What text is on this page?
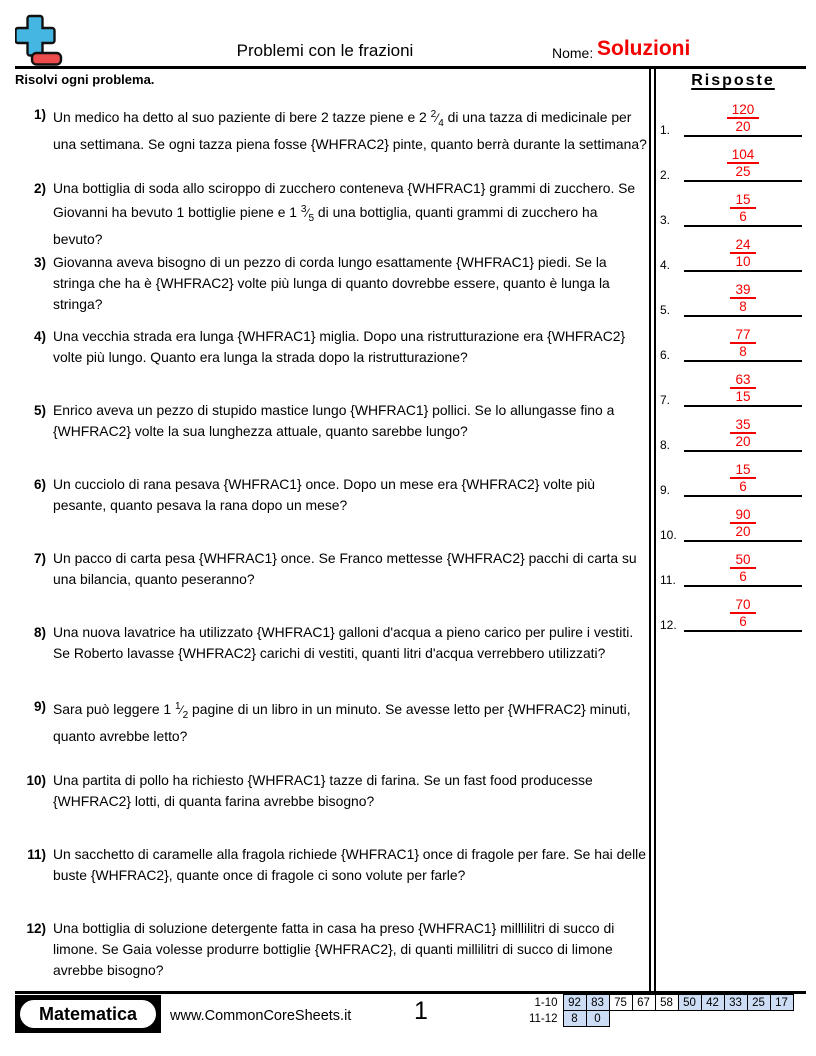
Problemi con le frazioni	Nome: Soluzioni
Risolvi ogni problema.
1) Un medico ha detto al suo paziente di bere 2 tazze piene e 2 $^2⁄_4$ di una tazza di medicinale per una settimana. Se ogni tazza piena fosse {WHFRAC2} pinte, quanto berrà durante la settimana?
2) Una bottiglia di soda allo sciroppo di zucchero conteneva {WHFRAC1} grammi di zucchero. Se Giovanni ha bevuto 1 bottiglie piene e 1 $^3⁄_5$ di una bottiglia, quanti grammi di zucchero ha bevuto?
3) Giovanna aveva bisogno di un pezzo di corda lungo esattamente {WHFRAC1} piedi. Se la stringa che ha è {WHFRAC2} volte più lunga di quanto dovrebbe essere, quanto è lunga la stringa?
4) Una vecchia strada era lunga {WHFRAC1} miglia. Dopo una ristrutturazione era {WHFRAC2} volte più lungo. Quanto era lunga la strada dopo la ristrutturazione?
5) Enrico aveva un pezzo di stupido mastice lungo {WHFRAC1} pollici. Se lo allungasse fino a {WHFRAC2} volte la sua lunghezza attuale, quanto sarebbe lungo?
6) Un cucciolo di rana pesava {WHFRAC1} once. Dopo un mese era {WHFRAC2} volte più pesante, quanto pesava la rana dopo un mese?
7) Un pacco di carta pesa {WHFRAC1} once. Se Franco mettesse {WHFRAC2} pacchi di carta su una bilancia, quanto peseranno?
8) Una nuova lavatrice ha utilizzato {WHFRAC1} galloni d'acqua a pieno carico per pulire i vestiti. Se Roberto lavasse {WHFRAC2} carichi di vestiti, quanti litri d'acqua verrebbero utilizzati?
9) Sara può leggere 1 $^1⁄_2$ pagine di un libro in un minuto. Se avesse letto per {WHFRAC2} minuti, quanto avrebbe letto?
10) Una partita di pollo ha richiesto {WHFRAC1} tazze di farina. Se un fast food producesse {WHFRAC2} lotti, di quanta farina avrebbe bisogno?
11) Un sacchetto di caramelle alla fragola richiede {WHFRAC1} once di fragole per fare. Se hai delle buste {WHFRAC2}, quante once di fragole ci sono volute per farle?
12) Una bottiglia di soluzione detergente fatta in casa ha preso {WHFRAC1} milllilitri di succo di limone. Se Gaia volesse produrre bottiglie {WHFRAC2}, di quanti millilitri di succo di limone avrebbe bisogno?
Risposte
1. $\frac{120}{20}$
2. $\frac{104}{25}$
3. $\frac{15}{6}$
4. $\frac{24}{10}$
5. $\frac{39}{8}$
6. $\frac{77}{8}$
7. $\frac{63}{15}$
8. $\frac{35}{20}$
9. $\frac{15}{6}$
10. $\frac{90}{20}$
11. $\frac{50}{6}$
12. $\frac{70}{6}$
Matematica	www.CommonCoreSheets.it	1	1-10	92	83	75	67	58	50	42	33	25	17
11-12	8	0								
